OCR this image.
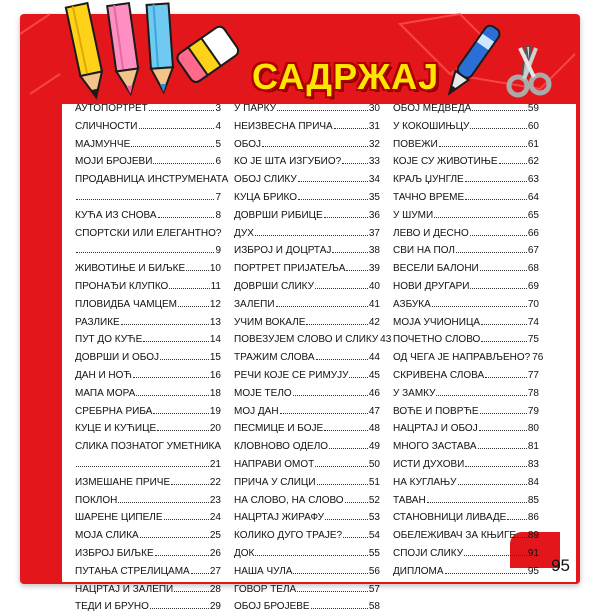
САДРЖАЈ
АУТОПОРТРЕТ	3
СЛИЧНОСТИ	4
МАЈМУНЧЕ	5
МОЈИ БРОЈЕВИ	6
ПРОДАВНИЦА ИНСТРУМЕНАТА
7
КУЋА ИЗ СНОВА	8
СПОРТСКИ ИЛИ ЕЛЕГАНТНО?
9
ЖИВОТИЊЕ И БИЉКЕ 10
ПРОНАЂИ КЛУПКО	11
ПЛОВИДБА ЧАМЦЕМ	12
РАЗЛИКЕ	13
ПУТ ДО КУЋЕ	14
ДОВРШИ И ОБОЈ	15
ДАН И НОЋ	16
МАПА МОРА	18
СРЕБРНА РИБА	19
КУЦЕ И КУЋИЦЕ	20
СЛИКА ПОЗНАТОГ УМЕТНИКА
21
ИЗМЕШАНЕ ПРИЧЕ	22
ПОКЛОН	23
ШАРЕНЕ ЦИПЕЛЕ	24
МОЈА СЛИКА	25
ИЗБРОЈ БИЉКЕ	26
ПУТАЊА СТРЕЛИЦАМА 27
НАЦРТАЈ И ЗАЛЕПИ	28
ТЕДИ И БРУНО	29
У ПАРКУ	30
НЕИЗВЕСНА ПРИЧА	31
ОБОЈ	32
КО ЈЕ ШТА ИЗГУБИО?	33
ОБОЈ СЛИКУ	34
КУЦА БРИКО	35
ДОВРШИ РИБИЦЕ	36
ДУХ	37
ИЗБРОЈ И ДОЦРТАЈ	38
ПОРТРЕТ ПРИЈАТЕЉА 39
ДОВРШИ СЛИКУ	40
ЗАЛЕПИ	41
УЧИМ ВОКАЛЕ	42
ПОВЕЗУЈЕМ СЛОВО И СЛИКУ 43
ТРАЖИМ СЛОВА	44
РЕЧИ КОЈЕ СЕ РИМУЈУ 45
МОЈЕ ТЕЛО	46
МОЈ ДАН	47
ПЕСМИЦЕ И БОЈЕ	48
КЛОВНОВО ОДЕЛО	49
НАПРАВИ ОМОТ	50
ПРИЧА У СЛИЦИ	51
НА СЛОВО, НА СЛОВО	52
НАЦРТАЈ ЖИРАФУ	53
КОЛИКО ДУГО ТРАЈЕ?	54
ДОК	55
НАША ЧУЛА	56
ГОВОР ТЕЛА	57
ОБОЈ БРОЈЕВЕ	58
ОБОЈ МЕДВЕДА	59
У КОКОШИЊЦУ	60
ПОВЕЖИ	61
КОЈЕ СУ ЖИВОТИЊЕ	62
КРАЉ ЏУНГЛЕ	63
ТАЧНО ВРЕМЕ	64
У ШУМИ	65
ЛЕВО И ДЕСНО	66
СВИ НА ПОЛ	67
ВЕСЕЛИ БАЛОНИ	68
НОВИ ДРУГАРИ	69
АЗБУКА	70
МОЈА УЧИОНИЦА	74
ПОЧЕТНО СЛОВО	75
ОД ЧЕГА ЈЕ НАПРАВЉЕНО? 76
СКРИВЕНА СЛОВА	77
У ЗАМКУ	78
ВОЋЕ И ПОВРЋЕ	79
НАЦРТАЈ И ОБОЈ	80
МНОГО ЗАСТАВА	81
ИСТИ ДУХОВИ	83
НА КУГЛАЊУ	84
ТАВАН	85
СТАНОВНИЦИ ЛИВАДЕ 86
ОБЕЛЕЖИВАЧ ЗА КЊИГЕ 89
СПОЈИ СЛИКУ	91
ДИПЛОМА	95 95
